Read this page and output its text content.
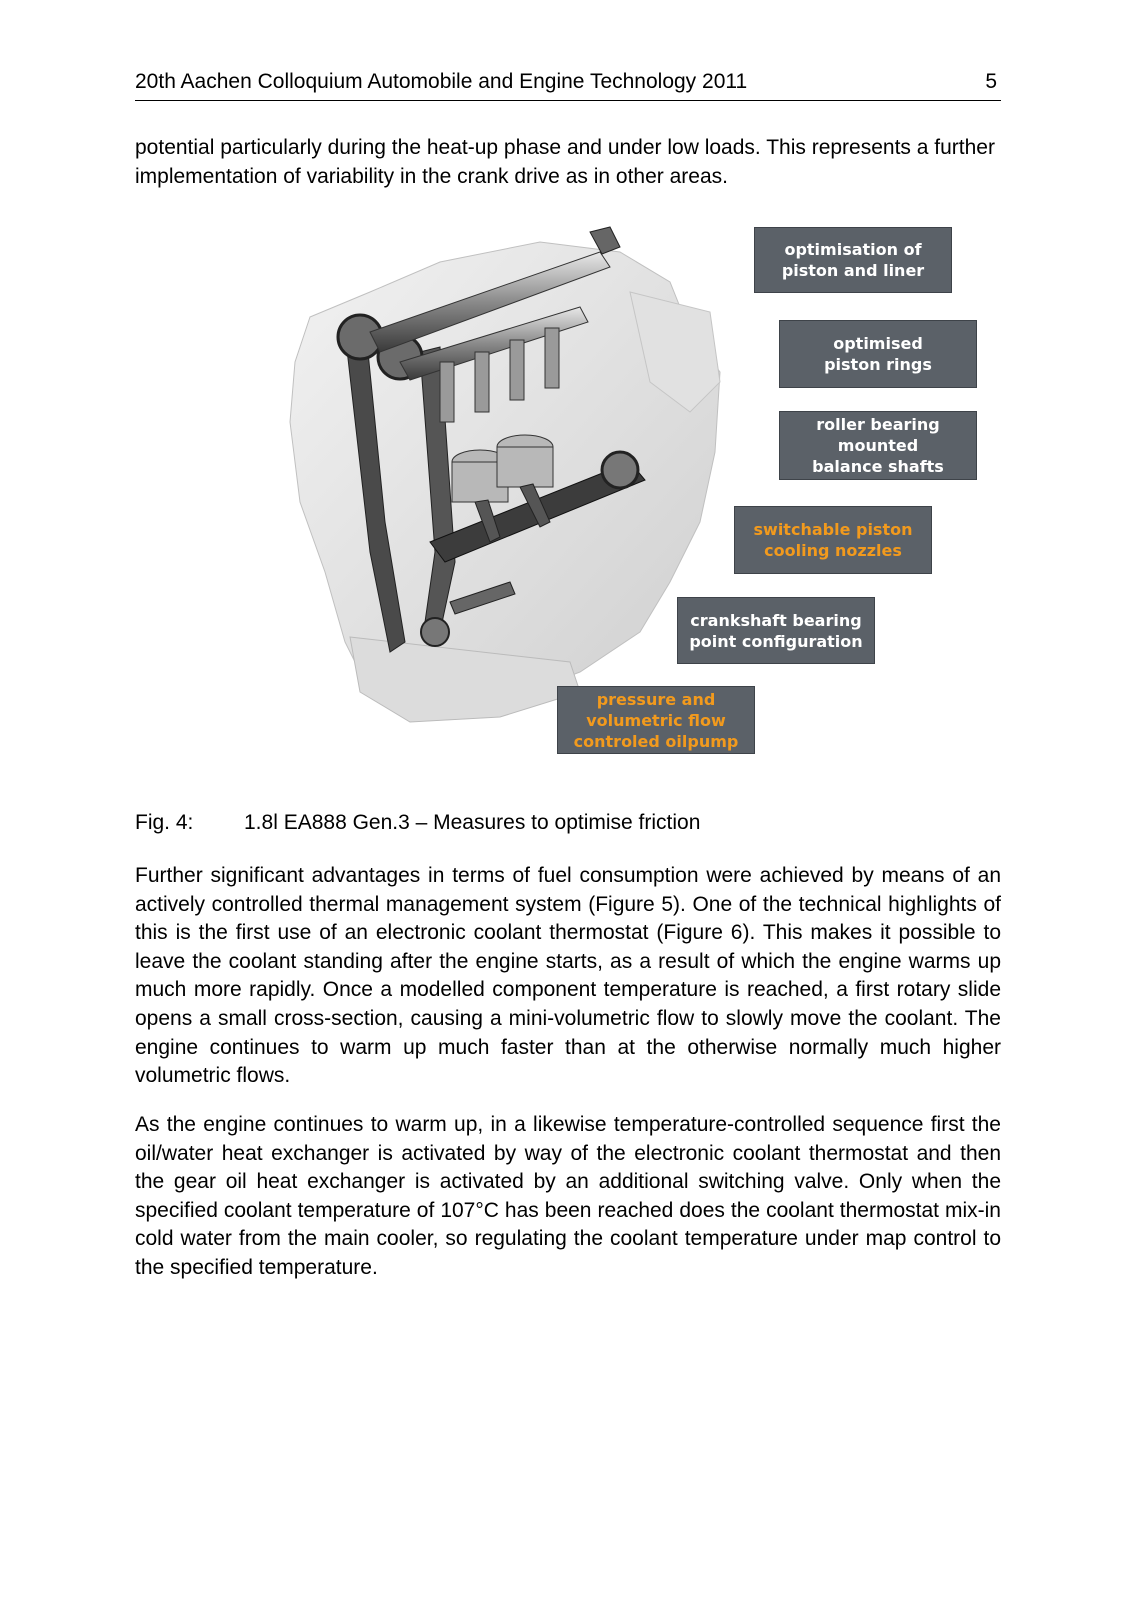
20th Aachen Colloquium Automobile and Engine Technology 2011	5

potential particularly during the heat-up phase and under low loads. This represents a further implementation of variability in the crank drive as in other areas.

optimisation of
piston and liner
optimised
piston rings
roller bearing
mounted
balance shafts
switchable piston
cooling nozzles
crankshaft bearing
point configuration
pressure and
volumetric flow
controled oilpump
Fig. 4: 1.8l EA888 Gen.3 – Measures to optimise friction

Further significant advantages in terms of fuel consumption were achieved by means of an actively controlled thermal management system (Figure 5). One of the technical highlights of this is the first use of an electronic coolant thermostat (Figure 6). This makes it possible to leave the coolant standing after the engine starts, as a result of which the engine warms up much more rapidly. Once a modelled component temperature is reached, a first rotary slide opens a small cross-section, causing a mini-volumetric flow to slowly move the coolant. The engine continues to warm up much faster than at the otherwise normally much higher volumetric flows.

As the engine continues to warm up, in a likewise temperature-controlled sequence first the oil/water heat exchanger is activated by way of the electronic coolant thermostat and then the gear oil heat exchanger is activated by an additional switching valve. Only when the specified coolant temperature of 107°C has been reached does the coolant thermostat mix-in cold water from the main cooler, so regulating the coolant temperature under map control to the specified temperature.
